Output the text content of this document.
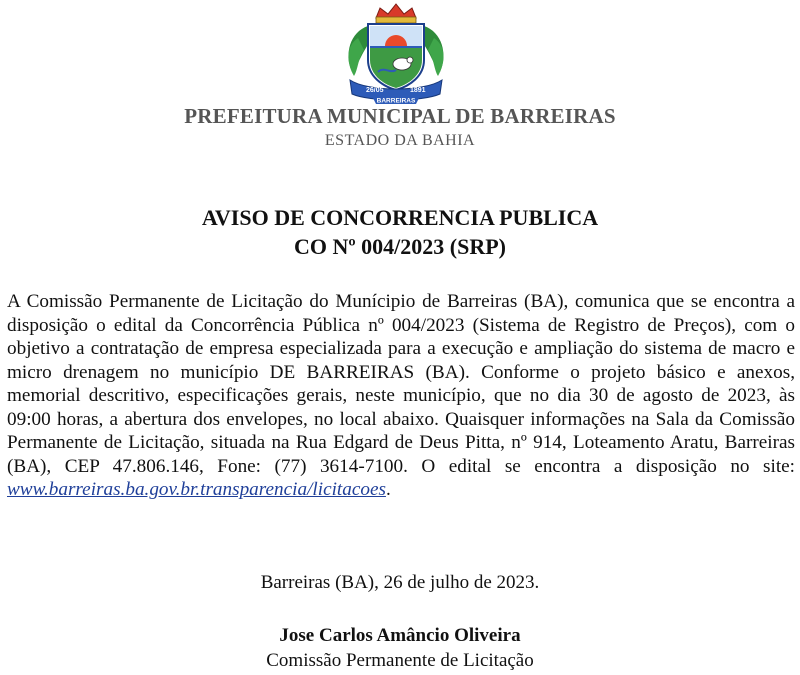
26/05	1891
BARREIRAS
PREFEITURA MUNICIPAL DE BARREIRAS
ESTADO DA BAHIA
AVISO DE CONCORRENCIA PUBLICA
CO Nº 004/2023 (SRP)
A Comissão Permanente de Licitação do Munícipio de Barreiras (BA), comunica que se encontra a disposição o edital da Concorrência Pública nº 004/2023 (Sistema de Registro de Preços), com o objetivo a contratação de empresa especializada para a execução e ampliação do sistema de macro e micro drenagem no município DE BARREIRAS (BA). Conforme o projeto básico e anexos, memorial descritivo, especificações gerais, neste município, que no dia 30 de agosto de 2023, às 09:00 horas, a abertura dos envelopes, no local abaixo. Quaisquer informações na Sala da Comissão Permanente de Licitação, situada na Rua Edgard de Deus Pitta, nº 914, Loteamento Aratu, Barreiras (BA), CEP 47.806.146, Fone: (77) 3614-7100. O edital se encontra a disposição no site: www.barreiras.ba.gov.br.transparencia/licitacoes.
Barreiras (BA), 26 de julho de 2023.
Jose Carlos Amâncio Oliveira
Comissão Permanente de Licitação
